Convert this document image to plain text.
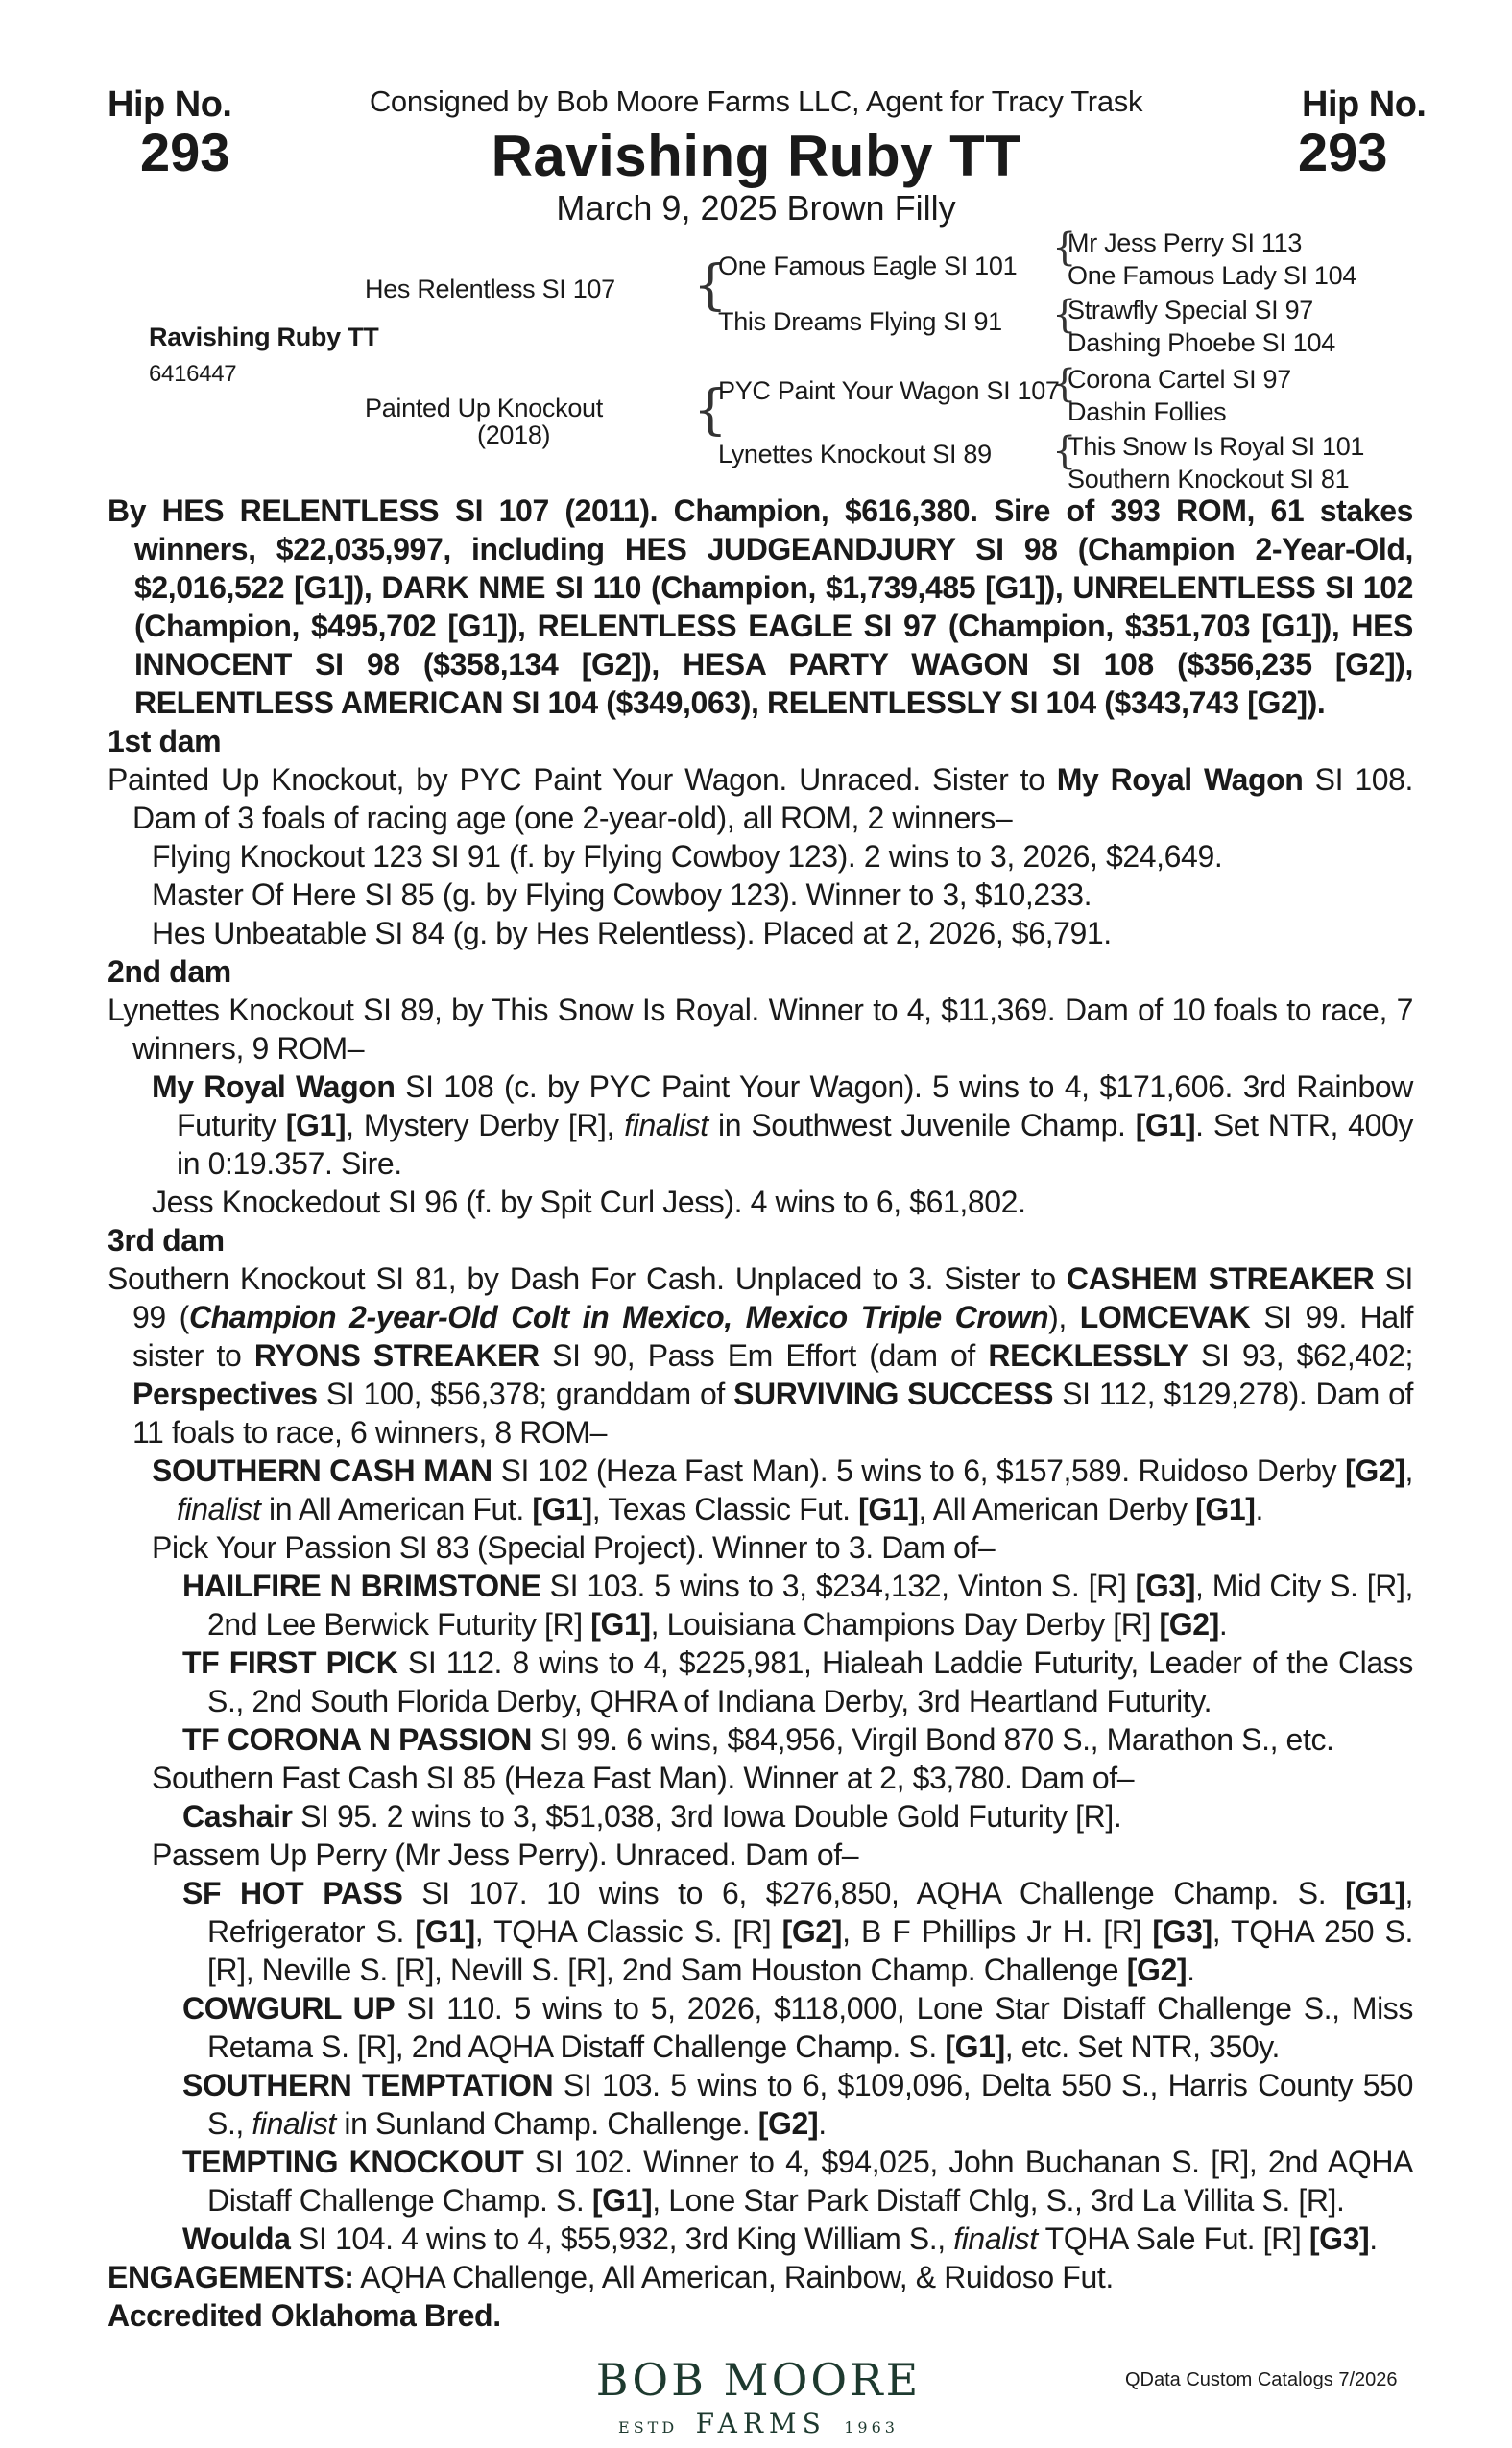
Hip No.
293
Hip No.
293
Consigned by Bob Moore Farms LLC, Agent for Tracy Trask
Ravishing Ruby TT
March 9, 2025 Brown Filly
Ravishing Ruby TT
6416447
Hes Relentless SI 107
Painted Up Knockout
(2018)
{
{
One Famous Eagle SI 101
This Dreams Flying SI 91
PYC Paint Your Wagon SI 107
Lynettes Knockout SI 89
{
{
{
{
Mr Jess Perry SI 113
One Famous Lady SI 104
Strawfly Special SI 97
Dashing Phoebe SI 104
Corona Cartel SI 97
Dashin Follies
This Snow Is Royal SI 101
Southern Knockout SI 81

By HES RELENTLESS SI 107 (2011). Champion, $616,380. Sire of 393 ROM, 61 stakes winners, $22,035,997, including HES JUDGEANDJURY SI 98 (Champion 2-Year-Old, $2,016,522 [G1]), DARK NME SI 110 (Champion, $1,739,485 [G1]), UNRELENTLESS SI 102 (Champion, $495,702 [G1]), RELENTLESS EAGLE SI 97 (Champion, $351,703 [G1]), HES INNOCENT SI 98 ($358,134 [G2]), HESA PARTY WAGON SI 108 ($356,235 [G2]), RELENTLESS AMERICAN SI 104 ($349,063), RELENTLESSLY SI 104 ($343,743 [G2]).

1st dam

Painted Up Knockout, by PYC Paint Your Wagon. Unraced. Sister to My Royal Wagon SI 108. Dam of 3 foals of racing age (one 2-year-old), all ROM, 2 winners–

Flying Knockout 123 SI 91 (f. by Flying Cowboy 123). 2 wins to 3, 2026, $24,649.

Master Of Here SI 85 (g. by Flying Cowboy 123). Winner to 3, $10,233.

Hes Unbeatable SI 84 (g. by Hes Relentless). Placed at 2, 2026, $6,791.

2nd dam

Lynettes Knockout SI 89, by This Snow Is Royal. Winner to 4, $11,369. Dam of 10 foals to race, 7 winners, 9 ROM–

My Royal Wagon SI 108 (c. by PYC Paint Your Wagon). 5 wins to 4, $171,606. 3rd Rainbow Futurity [G1], Mystery Derby [R], finalist in Southwest Juvenile Champ. [G1]. Set NTR, 400y in 0:19.357. Sire.

Jess Knockedout SI 96 (f. by Spit Curl Jess). 4 wins to 6, $61,802.

3rd dam

Southern Knockout SI 81, by Dash For Cash. Unplaced to 3. Sister to CASHEM STREAKER SI 99 (Champion 2-year-Old Colt in Mexico, Mexico Triple Crown), LOMCEVAK SI 99. Half sister to RYONS STREAKER SI 90, Pass Em Effort (dam of RECKLESSLY SI 93, $62,402; Perspectives SI 100, $56,378; granddam of SURVIVING SUCCESS SI 112, $129,278). Dam of 11 foals to race, 6 winners, 8 ROM–

SOUTHERN CASH MAN SI 102 (Heza Fast Man). 5 wins to 6, $157,589. Ruidoso Derby [G2], finalist in All American Fut. [G1], Texas Classic Fut. [G1], All American Derby [G1].

Pick Your Passion SI 83 (Special Project). Winner to 3. Dam of–

HAILFIRE N BRIMSTONE SI 103. 5 wins to 3, $234,132, Vinton S. [R] [G3], Mid City S. [R], 2nd Lee Berwick Futurity [R] [G1], Louisiana Champions Day Derby [R] [G2].

TF FIRST PICK SI 112. 8 wins to 4, $225,981, Hialeah Laddie Futurity, Leader of the Class S., 2nd South Florida Derby, QHRA of Indiana Derby, 3rd Heartland Futurity.

TF CORONA N PASSION SI 99. 6 wins, $84,956, Virgil Bond 870 S., Marathon S., etc.

Southern Fast Cash SI 85 (Heza Fast Man). Winner at 2, $3,780. Dam of–

Cashair SI 95. 2 wins to 3, $51,038, 3rd Iowa Double Gold Futurity [R].

Passem Up Perry (Mr Jess Perry). Unraced. Dam of–

SF HOT PASS SI 107. 10 wins to 6, $276,850, AQHA Challenge Champ. S. [G1], Refrigerator S. [G1], TQHA Classic S. [R] [G2], B F Phillips Jr H. [R] [G3], TQHA 250 S. [R], Neville S. [R], Nevill S. [R], 2nd Sam Houston Champ. Challenge [G2].

COWGURL UP SI 110. 5 wins to 5, 2026, $118,000, Lone Star Distaff Challenge S., Miss Retama S. [R], 2nd AQHA Distaff Challenge Champ. S. [G1], etc. Set NTR, 350y.

SOUTHERN TEMPTATION SI 103. 5 wins to 6, $109,096, Delta 550 S., Harris County 550 S., finalist in Sunland Champ. Challenge. [G2].

TEMPTING KNOCKOUT SI 102. Winner to 4, $94,025, John Buchanan S. [R], 2nd AQHA Distaff Challenge Champ. S. [G1], Lone Star Park Distaff Chlg, S., 3rd La Villita S. [R].

Woulda SI 104. 4 wins to 4, $55,932, 3rd King William S., finalist TQHA Sale Fut. [R] [G3].

ENGAGEMENTS: AQHA Challenge, All American, Rainbow, & Ruidoso Fut.

Accredited Oklahoma Bred.

BOB MOORE
ESTD FARMS 1963
QData Custom Catalogs 7/2026
